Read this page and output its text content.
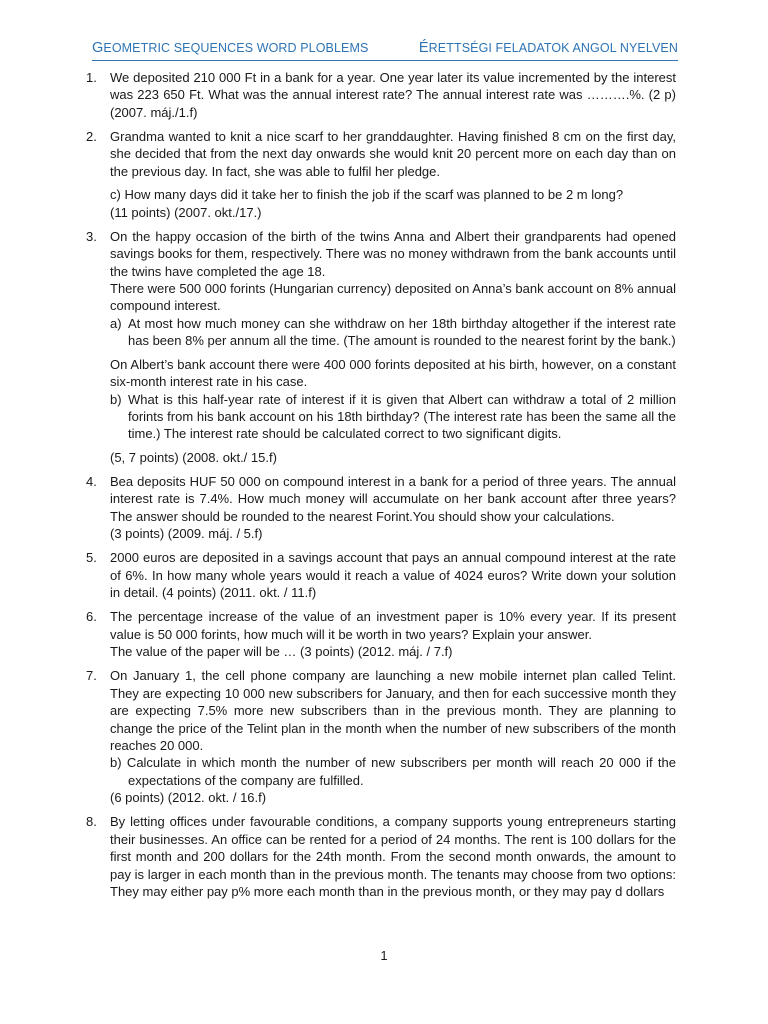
GEOMETRIC SEQUENCES WORD PLOBLEMS	ÉRETTSÉGI FELADATOK ANGOL NYELVEN
1.	We deposited 210 000 Ft in a bank for a year. One year later its value incremented by the interest was 223 650 Ft. What was the annual interest rate? The annual interest rate was ……….%. (2 p) (2007. máj./1.f)

2.	Grandma wanted to knit a nice scarf to her granddaughter. Having finished 8 cm on the first day, she decided that from the next day onwards she would knit 20 percent more on each day than on the previous day. In fact, she was able to fulfil her pledge.

c) How many days did it take her to finish the job if the scarf was planned to be 2 m long?

(11 points) (2007. okt./17.)

3.	On the happy occasion of the birth of the twins Anna and Albert their grandparents had opened savings books for them, respectively. There was no money withdrawn from the bank accounts until the twins have completed the age 18.

There were 500 000 forints (Hungarian currency) deposited on Anna’s bank account on 8% annual compound interest.

a) At most how much money can she withdraw on her 18th birthday altogether if the interest rate has been 8% per annum all the time. (The amount is rounded to the nearest forint by the bank.)

On Albert’s bank account there were 400 000 forints deposited at his birth, however, on a constant six-month interest rate in his case.

b) What is this half-year rate of interest if it is given that Albert can withdraw a total of 2 million forints from his bank account on his 18th birthday? (The interest rate has been the same all the time.) The interest rate should be calculated correct to two significant digits.

(5, 7 points) (2008. okt./ 15.f)

4.	Bea deposits HUF 50 000 on compound interest in a bank for a period of three years. The annual interest rate is 7.4%. How much money will accumulate on her bank account after three years? The answer should be rounded to the nearest Forint.You should show your calculations.

(3 points) (2009. máj. / 5.f)

5.	2000 euros are deposited in a savings account that pays an annual compound interest at the rate of 6%. In how many whole years would it reach a value of 4024 euros? Write down your solution in detail. (4 points) (2011. okt. / 11.f)

6.	The percentage increase of the value of an investment paper is 10% every year. If its present value is 50 000 forints, how much will it be worth in two years? Explain your answer.

The value of the paper will be … (3 points) (2012. máj. / 7.f)

7.	On January 1, the cell phone company are launching a new mobile internet plan called Telint. They are expecting 10 000 new subscribers for January, and then for each successive month they are expecting 7.5% more new subscribers than in the previous month. They are planning to change the price of the Telint plan in the month when the number of new subscribers of the month reaches 20 000.

b) Calculate in which month the number of new subscribers per month will reach 20 000 if the expectations of the company are fulfilled.

(6 points) (2012. okt. / 16.f)

8.	By letting offices under favourable conditions, a company supports young entrepreneurs starting their businesses. An office can be rented for a period of 24 months. The rent is 100 dollars for the first month and 200 dollars for the 24th month. From the second month onwards, the amount to pay is larger in each month than in the previous month. The tenants may choose from two options: They may either pay p% more each month than in the previous month, or they may pay d dollars

1
